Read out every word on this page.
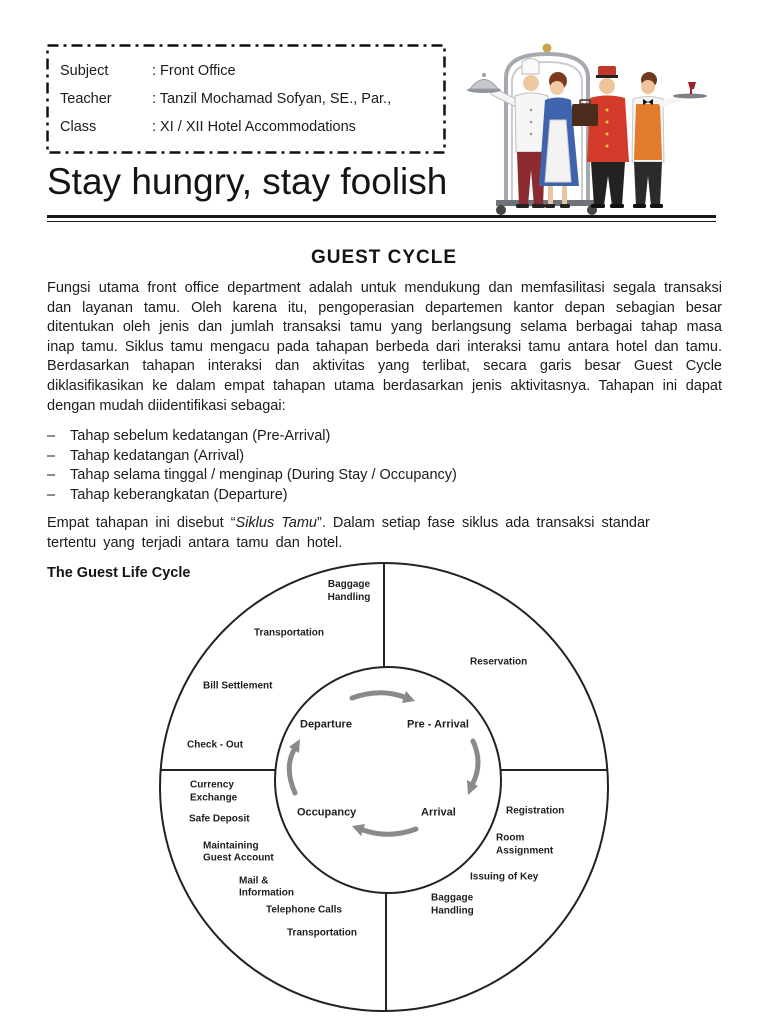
Subject	: Front Office
Teacher	: Tanzil Mochamad Sofyan, SE., Par.,
Class	: XI / XII Hotel Accommodations
Stay hungry, stay foolish
GUEST CYCLE
Fungsi utama front office department adalah untuk mendukung dan memfasilitasi segala transaksi
dan layanan tamu. Oleh karena itu, pengoperasian departemen kantor depan sebagian besar
ditentukan oleh jenis dan jumlah transaksi tamu yang berlangsung selama berbagai tahap masa
inap tamu. Siklus tamu mengacu pada tahapan berbeda dari interaksi tamu antara hotel dan tamu.
Berdasarkan tahapan interaksi dan aktivitas yang terlibat, secara garis besar Guest Cycle
diklasifikasikan ke dalam empat tahapan utama berdasarkan jenis aktivitasnya. Tahapan ini dapat
dengan mudah diidentifikasi sebagai:
– Tahap sebelum kedatangan (Pre-Arrival)
– Tahap kedatangan (Arrival)
– Tahap selama tinggal / menginap (During Stay / Occupancy)
– Tahap keberangkatan (Departure)
Empat tahapan ini disebut “Siklus Tamu”. Dalam setiap fase siklus ada transaksi standar
tertentu yang terjadi antara tamu dan hotel.
The Guest Life Cycle
Departure	Pre - Arrival
Occupancy	Arrival
Baggage
Handling
Transportation
Bill Settlement
Check - Out
Reservation
Registration
Room
Assignment
Issuing of Key
Baggage
Handling
Currency
Exchange
Safe Deposit
Maintaining
Guest Account
Mail &
Information
Telephone Calls
Transportation
